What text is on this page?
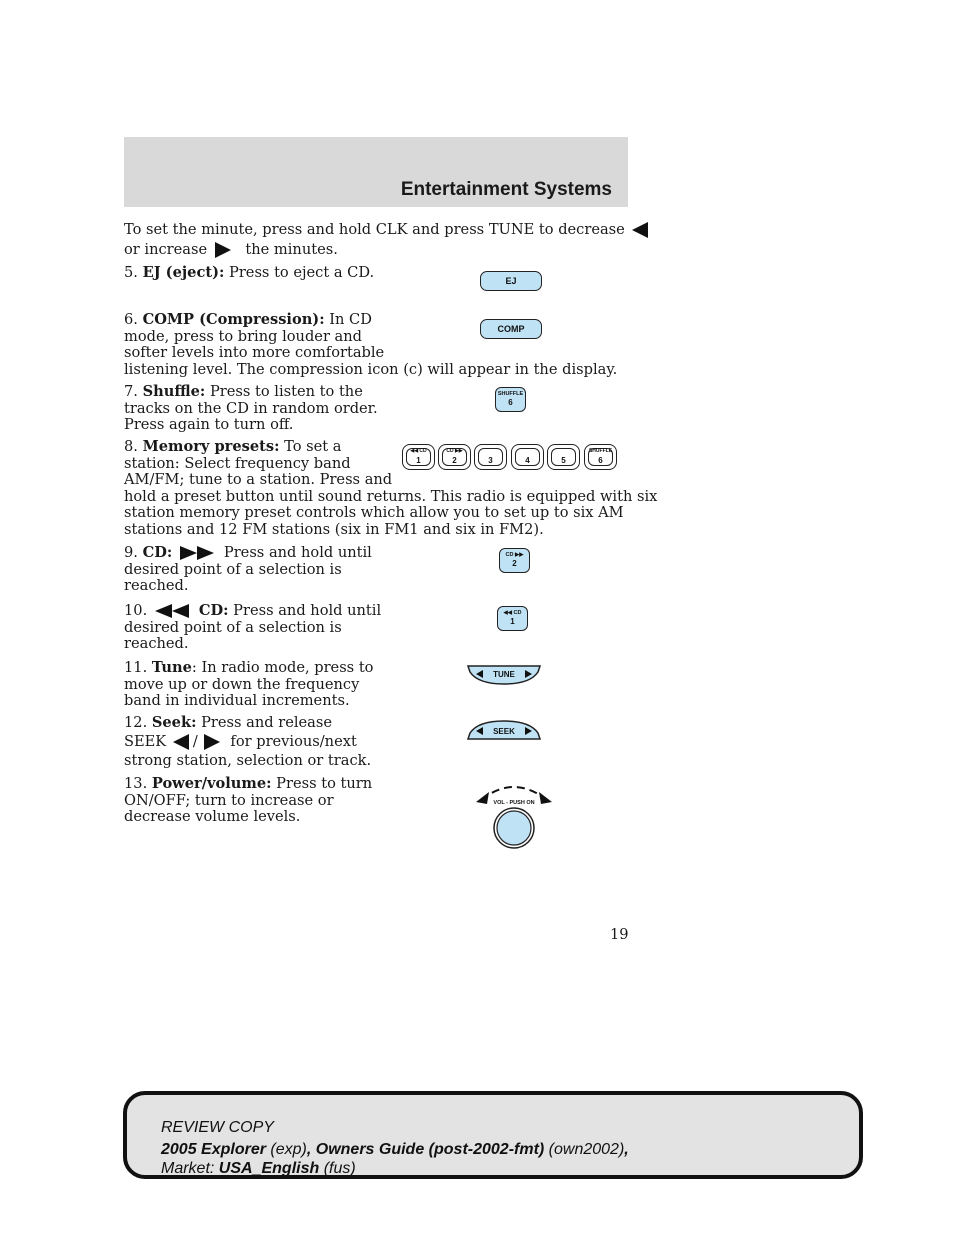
Entertainment Systems
To set the minute, press and hold CLK and press TUNE to decrease
or increase	the minutes.
5. EJ (eject): Press to eject a CD.	EJ
6. COMP (Compression): In CD
mode, press to bring louder and
softer levels into more comfortable
listening level. The compression icon (c) will appear in the display.
COMP
7. Shuffle: Press to listen to the
tracks on the CD in random order.
Press again to turn off.
SHUFFLE
6
8. Memory presets: To set a
station: Select frequency band
AM/FM; tune to a station. Press and
hold a preset button until sound returns. This radio is equipped with six
station memory preset controls which allow you to set up to six AM
stations and 12 FM stations (six in FM1 and six in FM2).
◀◀ CD
1
CD ▶▶
2	3	4	5
SHUFFLE
6
9. CD:	Press and hold until
desired point of a selection is
reached.
CD ▶▶
2
10.	CD: Press and hold until
desired point of a selection is
reached.
◀◀ CD
1
11. Tune: In radio mode, press to
move up or down the frequency
band in individual increments.
TUNE
12. Seek: Press and release
SEEK / for previous/next
strong station, selection or track.
SEEK
13. Power/volume: Press to turn
ON/OFF; turn to increase or
decrease volume levels.
VOL - PUSH ON
19
REVIEW COPY
2005 Explorer (exp), Owners Guide (post-2002-fmt) (own2002),
Market: USA_English (fus)
